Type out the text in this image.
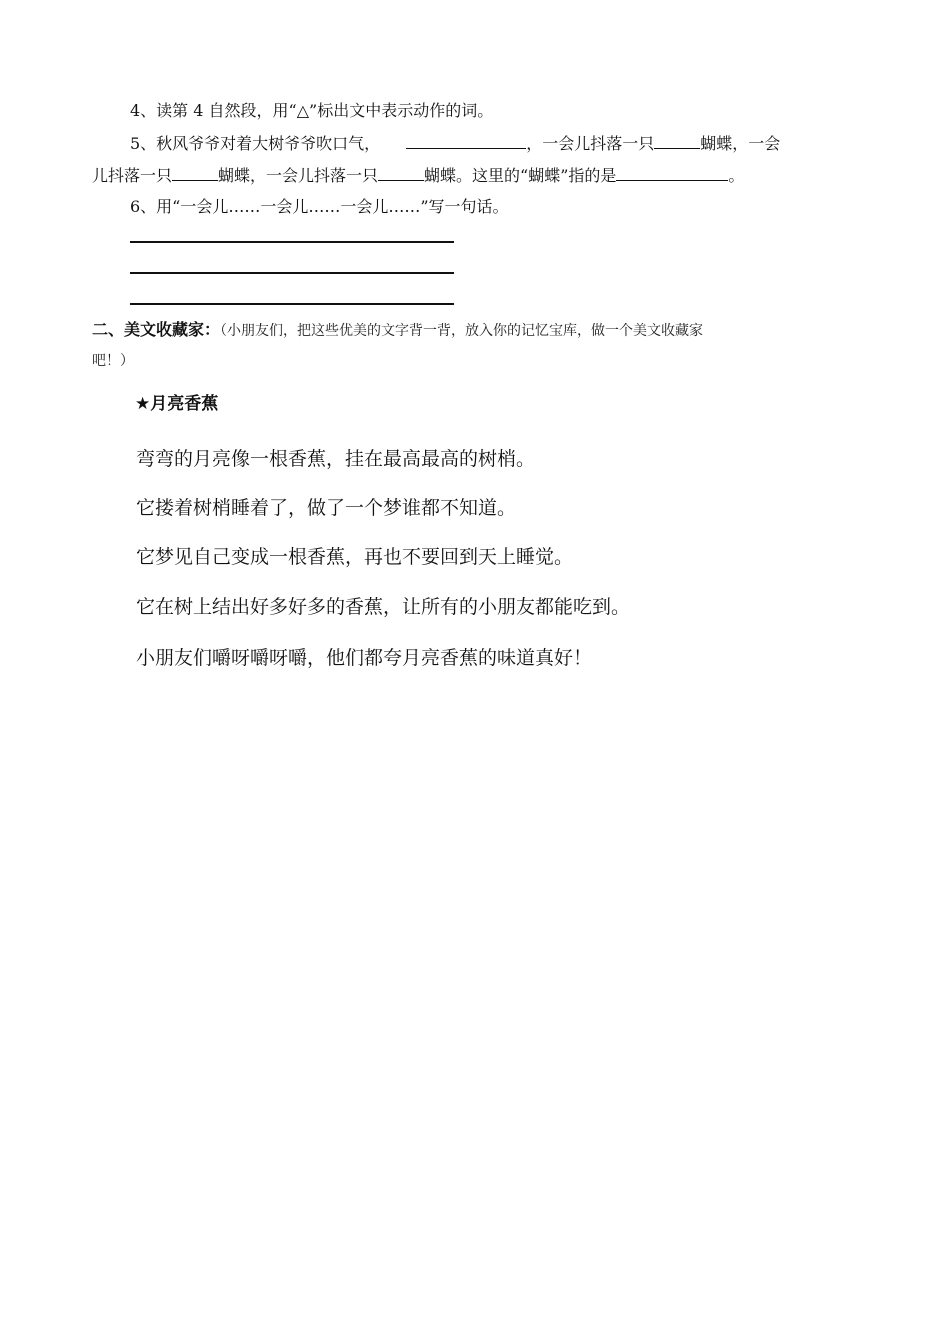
4、读第 4 自然段，用“△”标出文中表示动作的词。
5、秋风爷爷对着大树爷爷吹口气，	，一会儿抖落一只	蝴蝶，一会
儿抖落一只	蝴蝶，一会儿抖落一只	蝴蝶。这里的“蝴蝶”指的是	。
6、用“一会儿……一会儿……一会儿……”写一句话。
二、美文收藏家：（小朋友们，把这些优美的文字背一背，放入你的记忆宝库，做一个美文收藏家
吧！）
★月亮香蕉
弯弯的月亮像一根香蕉，挂在最高最高的树梢。
它搂着树梢睡着了，做了一个梦谁都不知道。
它梦见自己变成一根香蕉，再也不要回到天上睡觉。
它在树上结出好多好多的香蕉，让所有的小朋友都能吃到。
小朋友们嚼呀嚼呀嚼，他们都夸月亮香蕉的味道真好！
